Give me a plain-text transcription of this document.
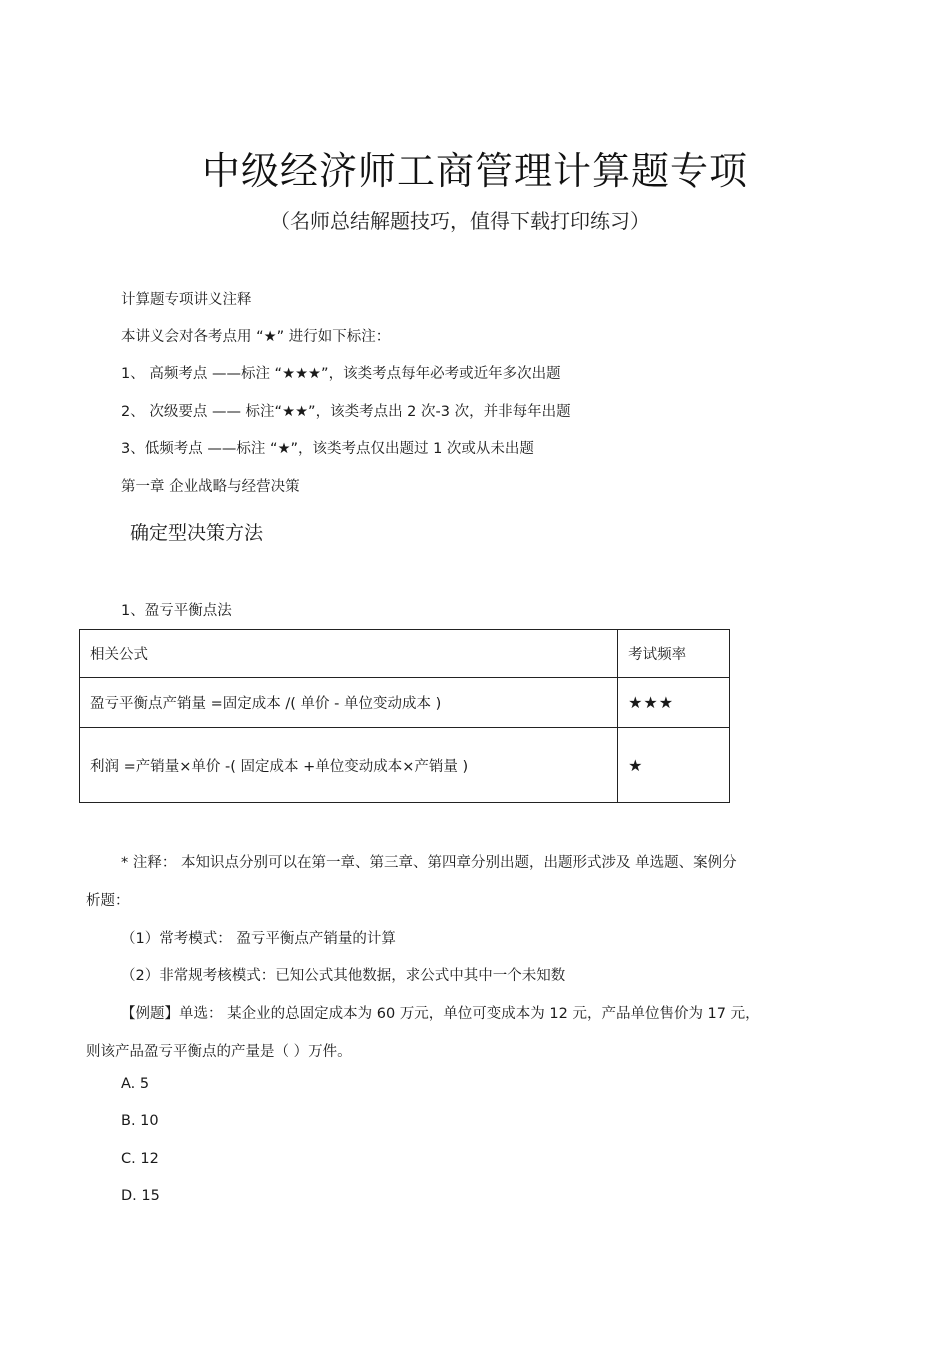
中级经济师工商管理计算题专项
（名师总结解题技巧，值得下载打印练习）
计算题专项讲义注释
本讲义会对各考点用 “★” 进行如下标注：
1、 高频考点 ——标注 “★★★”，该类考点每年必考或近年多次出题
2、 次级要点 —— 标注“★★”，该类考点出 2 次-3 次，并非每年出题
3、低频考点 ——标注 “★”，该类考点仅出题过 1 次或从未出题
第一章 企业战略与经营决策
确定型决策方法
1、盈亏平衡点法
相关公式	考试频率
盈亏平衡点产销量 =固定成本 /( 单价 - 单位变动成本 )	★★★
利润 =产销量×单价 -( 固定成本 +单位变动成本×产销量 )	★
* 注释： 本知识点分别可以在第一章、第三章、第四章分别出题，出题形式涉及 单选题、案例分
析题：
（1）常考模式： 盈亏平衡点产销量的计算
（2）非常规考核模式：已知公式其他数据，求公式中其中一个未知数
【例题】单选： 某企业的总固定成本为 60 万元，单位可变成本为 12 元，产品单位售价为 17 元，
则该产品盈亏平衡点的产量是（ ）万件。
A. 5
B. 10
C. 12
D. 15
